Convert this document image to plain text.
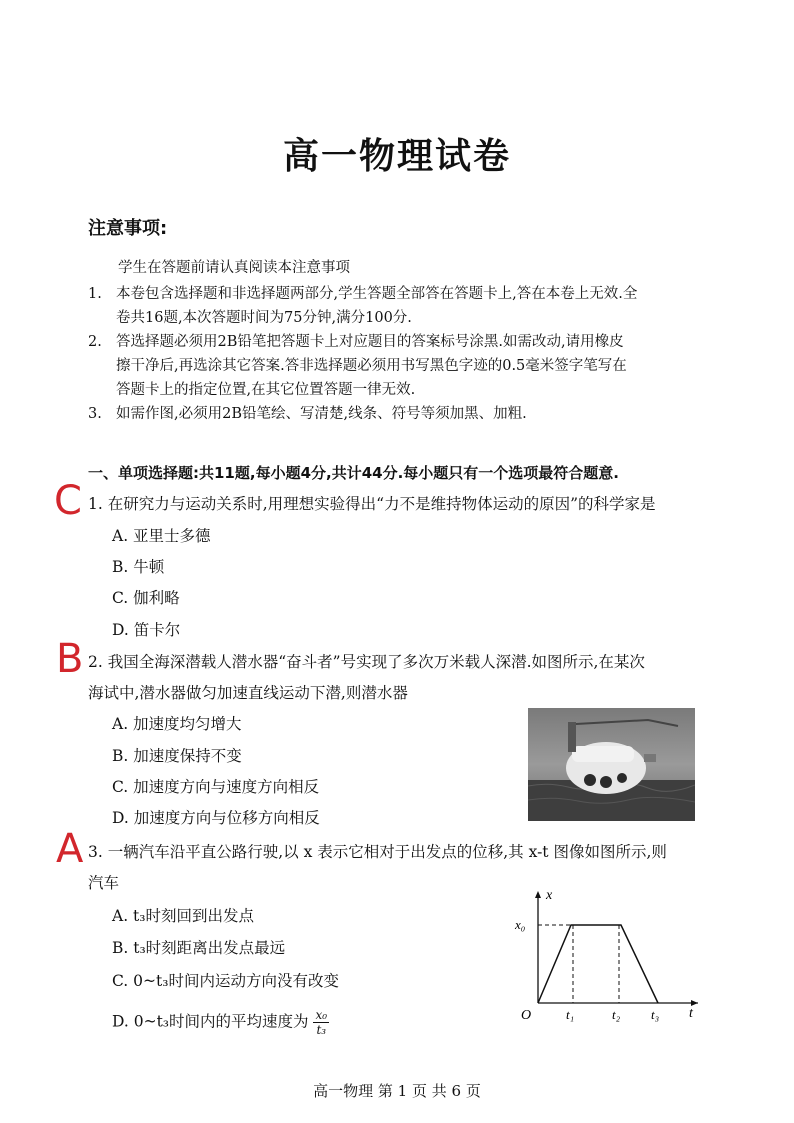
高一物理试卷
注意事项:
学生在答题前请认真阅读本注意事项
1. 本卷包含选择题和非选择题两部分,学生答题全部答在答题卡上,答在本卷上无效.全
卷共16题,本次答题时间为75分钟,满分100分.
2. 答选择题必须用2B铅笔把答题卡上对应题目的答案标号涂黑.如需改动,请用橡皮
擦干净后,再选涂其它答案.答非选择题必须用书写黑色字迹的0.5毫米签字笔写在
答题卡上的指定位置,在其它位置答题一律无效.
3. 如需作图,必须用2B铅笔绘、写清楚,线条、符号等须加黑、加粗.
一、单项选择题:共11题,每小题4分,共计44分.每小题只有一个选项最符合题意.
C 1. 在研究力与运动关系时,用理想实验得出“力不是维持物体运动的原因”的科学家是
A. 亚里士多德
B. 牛顿
C. 伽利略
D. 笛卡尔
B 2. 我国全海深潜载人潜水器“奋斗者”号实现了多次万米载人深潜.如图所示,在某次
海试中,潜水器做匀加速直线运动下潜,则潜水器
A. 加速度均匀增大
B. 加速度保持不变
C. 加速度方向与速度方向相反
D. 加速度方向与位移方向相反
A 3. 一辆汽车沿平直公路行驶,以 x 表示它相对于出发点的位移,其 x-t 图像如图所示,则
汽车
A. t₃时刻回到出发点
B. t₃时刻距离出发点最远
C. 0~t₃时间内运动方向没有改变
D. 0~t₃时间内的平均速度为 $\frac{\text{x₀}}{\text{t₃}}$
x
t
O
x₀
t₁	t₂ t₃
高一物理 第 1 页 共 6 页
